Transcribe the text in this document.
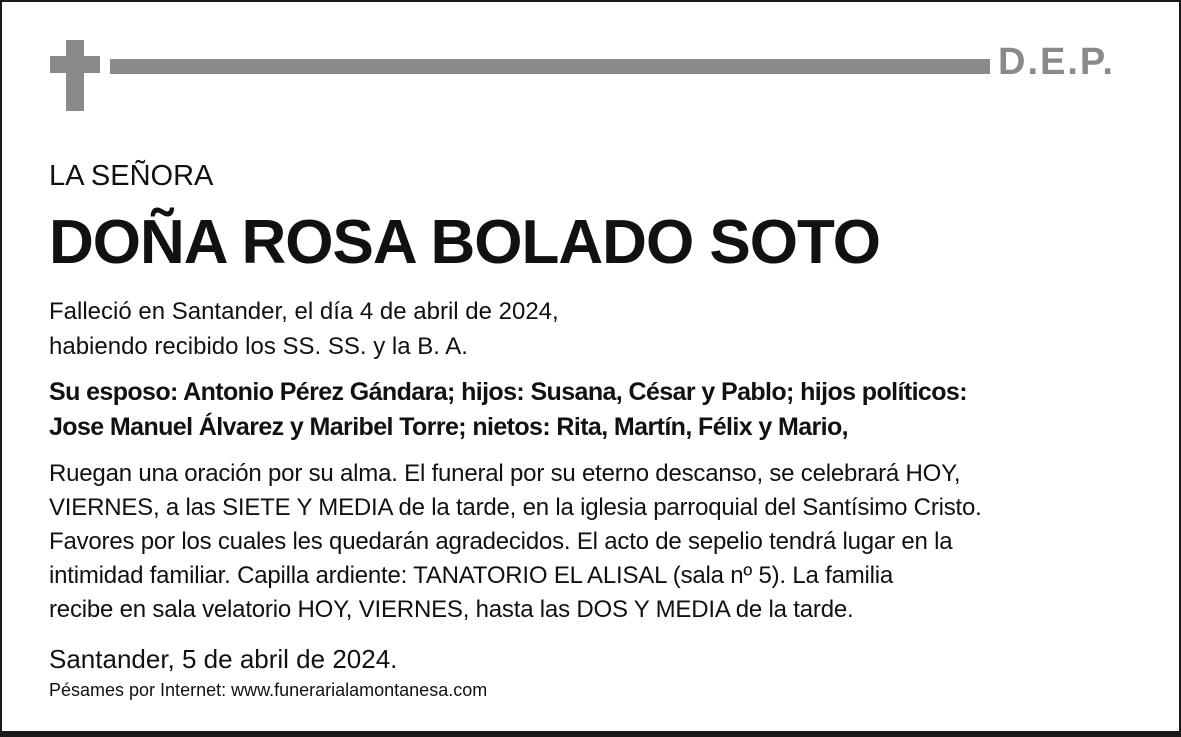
D.E.P.
LA SEÑORA
DOÑA ROSA BOLADO SOTO
Falleció en Santander, el día 4 de abril de 2024,
habiendo recibido los SS. SS. y la B. A.
Su esposo: Antonio Pérez Gándara; hijos: Susana, César y Pablo; hijos políticos:
Jose Manuel Álvarez y Maribel Torre; nietos: Rita, Martín, Félix y Mario,
Ruegan una oración por su alma. El funeral por su eterno descanso, se celebrará HOY,
VIERNES, a las SIETE Y MEDIA de la tarde, en la iglesia parroquial del Santísimo Cristo.
Favores por los cuales les quedarán agradecidos. El acto de sepelio tendrá lugar en la
intimidad familiar. Capilla ardiente: TANATORIO EL ALISAL (sala nº 5). La familia
recibe en sala velatorio HOY, VIERNES, hasta las DOS Y MEDIA de la tarde.
Santander, 5 de abril de 2024.
Pésames por Internet: www.funerarialamontanesa.com
